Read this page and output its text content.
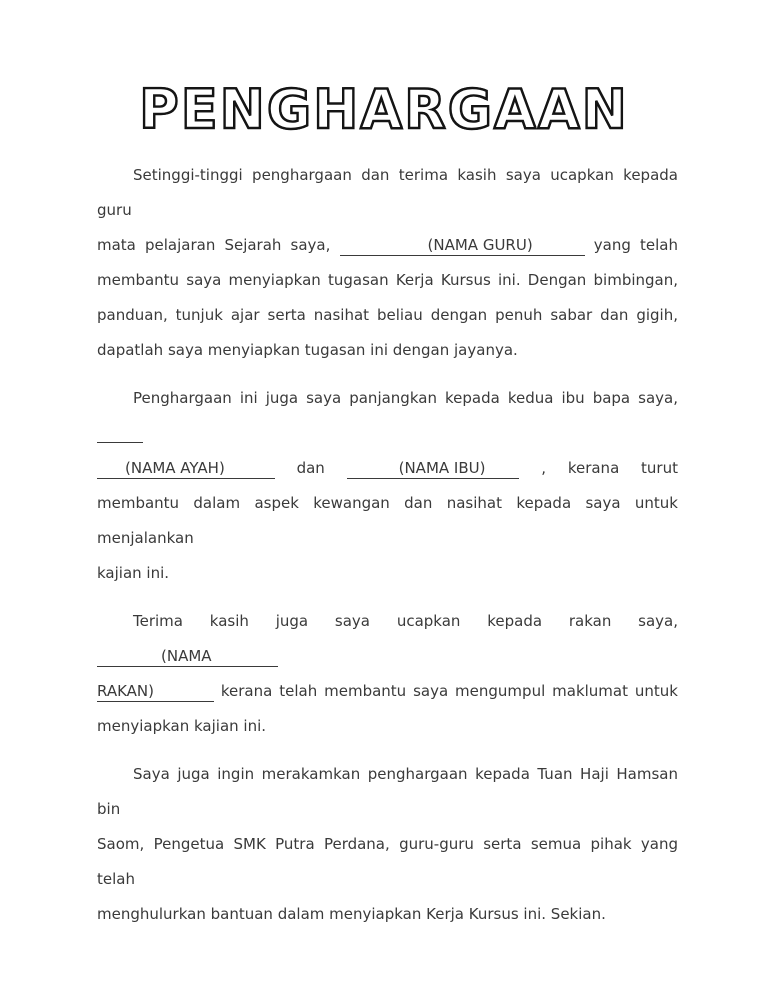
PENGHARGAAN
Setinggi-tinggi penghargaan dan terima kasih saya ucapkan kepada guru
mata pelajaran Sejarah saya,	(NAMA GURU)	yang telah
membantu saya menyiapkan tugasan Kerja Kursus ini. Dengan bimbingan,
panduan, tunjuk ajar serta nasihat beliau dengan penuh sabar dan gigih,
dapatlah saya menyiapkan tugasan ini dengan jayanya.
Penghargaan ini juga saya panjangkan kepada kedua ibu bapa saya,
(NAMA AYAH)	dan	(NAMA IBU) , kerana turut
membantu dalam aspek kewangan dan nasihat kepada saya untuk menjalankan
kajian ini.
Terima kasih juga saya ucapkan kepada rakan saya, (NAMA
RAKAN)	kerana telah membantu saya mengumpul maklumat untuk
menyiapkan kajian ini.
Saya juga ingin merakamkan penghargaan kepada Tuan Haji Hamsan bin
Saom, Pengetua SMK Putra Perdana, guru-guru serta semua pihak yang telah
menghulurkan bantuan dalam menyiapkan Kerja Kursus ini. Sekian.
